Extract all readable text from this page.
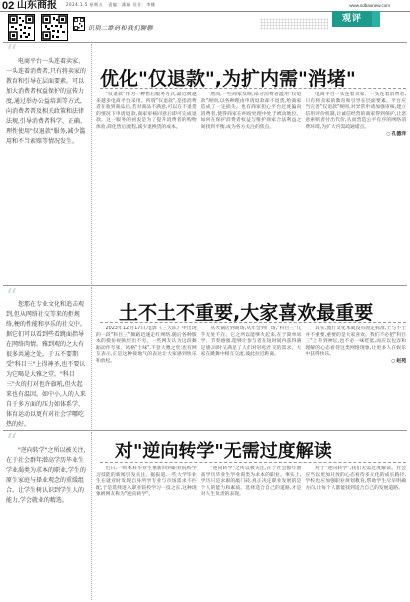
02 山东商报 2024.1.5 星期五 责编：潘茹 设计：李娜	www.sdbaonew.com
观评
识别二维码和我们聊聊
“ 电商平台一头连着卖家、一头连着消费者,只有将卖家的教育和引导在层面要素。可以加大消费者权益保护的宣传力度,通过举办公益培训等方式,向消费者普及相关政策和法律法规,引导消费者科学、正确、理性使用"仅退款"服务,减少滥用和不当索赔等情况发生。

“ 您那在专业文化和追击观到,但从网络社交等来的拒规络,梗的性能和享乐的社交中。据它们可以看到些看跳面指导在网络肉情。雅到观的之大有很多共通之处。于五不要期受"科目三"上得神圣,也不要认为它喝是大雅之堂。"科目三"火的打对也许旗吼,但火起来也有温因。如中小,人的人来自于多方面的压力如体系学、体育运动以更有对社会学哪吃热的好。

“ "逆向转学"之所以被关注,在于社会群年潜高学历毕业生学业渴类为求本的职业,学生的原生家庭与择业观念的重缓组合。让学生树认识到学生人的能力,学会就业的精选。

优化"仅退款",为扩内需"消堵"

"仅退款"作为一种售后服务方式,最近被越来越多电商平台采用。所谓"仅退款",是指消费者在收到商品后,若对商品不满意,可以在不退货的情况下申请退款,商家审核同意后即可完成退款。这一服务的初衷是为了提升消费者的购物体验,简化售后流程,减少退换货的成本。

然而,一些商家反映,部分消费者滥用"仅退款"规则,以各种理由申请退款却不退货,给商家造成了一定损失。也有商家担心平台过度偏向消费者,使得商家在纠纷处理中处于被动地位。如何在保护消费者权益与维护商家合法利益之间找到平衡,成为各方关注的焦点。

电商平台一头连着卖家、一头连着消费者,只有将卖家的教育和引导在层面要素。平台应当完善"仅退款"规则,对异常申请加强审核,建立信用评价机制,让诚信经营的商家得到保护,让恶意索赔者付出代价,从而营造公平有序的网络消费环境,为扩大内需疏通堵点。

○ 孔德洋
土不土不重要,大家喜欢最重要

2023年12月17日,电影《三大队》中出现的一段"科目三"舞蹈迅速走红网络,随后各种版本的模仿视频层出不穷。一些网友认为这段舞蹈动作夸张、风格"土味",不登大雅之堂;也有网友表示,正是这种接地气的表达让大家感到快乐和放松。

从火锅店到商场,从年会到广场,"科目三"几乎无处不在。它之所以能够火起来,在于简单易学、节奏感强,能够让参与者在短时间内获得满足感,同时又满足了人们对轻松社交的需求。大家在跳舞中相互交流,彼此拉近距离。

其实,流行文化本就没有固定标准,土与不土并不重要,重要的是大家喜欢。我们不必把"科目三"上升到神坛,也不必一味贬低,而应以包容和理解的心态看待这类网络现象,让更多人在娱乐中获得快乐。

○ 赵苑
对"逆向转学"无需过度解读

近日,一则本科毕业生重新回到职业院校学习技能的新闻引发关注。据报道,一些大学毕业生在就业时发现自身所学专业与市场需求不匹配,于是选择进入职业院校学习一技之长,这种现象被网友称为"逆向转学"。

"逆向转学"之所以被关注,在于社会群年潜高学历毕业生学业渴类为求本的职业。事实上,学历只是求职的敲门砖,真正决定职业发展的是个人的能力和素质。选择适合自己的道路,才是对人生负责的表现。

对于"逆向转学",我们无需过度解读。社会应当以更加开放的心态看待多元化的成长路径,学校也应加强职业规划教育,帮助学生尽早明确方向,让每个人都能找到适合自己的发展道路。
